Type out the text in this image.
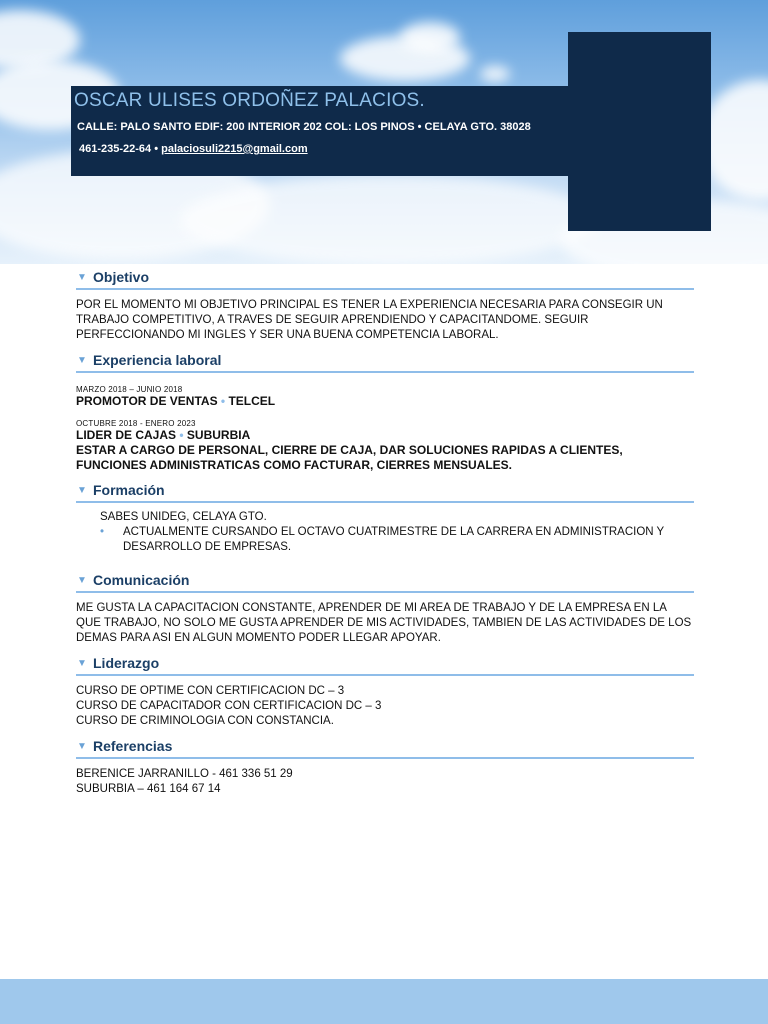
OSCAR ULISES ORDOÑEZ PALACIOS.
CALLE: PALO SANTO EDIF: 200 INTERIOR 202 COL: LOS PINOS • CELAYA GTO. 38028
461-235-22-64 • palaciosuli2215@gmail.com
▼ Objetivo
POR EL MOMENTO MI OBJETIVO PRINCIPAL ES TENER LA EXPERIENCIA NECESARIA PARA CONSEGIR UN TRABAJO COMPETITIVO, A TRAVES DE SEGUIR APRENDIENDO Y CAPACITANDOME. SEGUIR PERFECCIONANDO MI INGLES Y SER UNA BUENA COMPETENCIA LABORAL.
▼ Experiencia laboral
MARZO 2018 – JUNIO 2018
PROMOTOR DE VENTAS • TELCEL
OCTUBRE 2018 - ENERO 2023
LIDER DE CAJAS • SUBURBIA
ESTAR A CARGO DE PERSONAL, CIERRE DE CAJA, DAR SOLUCIONES RAPIDAS A CLIENTES, FUNCIONES ADMINISTRATICAS COMO FACTURAR, CIERRES MENSUALES.
▼ Formación
SABES UNIDEG, CELAYA GTO.
•	ACTUALMENTE CURSANDO EL OCTAVO CUATRIMESTRE DE LA CARRERA EN ADMINISTRACION Y DESARROLLO DE EMPRESAS.
▼ Comunicación
ME GUSTA LA CAPACITACION CONSTANTE, APRENDER DE MI AREA DE TRABAJO Y DE LA EMPRESA EN LA QUE TRABAJO, NO SOLO ME GUSTA APRENDER DE MIS ACTIVIDADES, TAMBIEN DE LAS ACTIVIDADES DE LOS DEMAS PARA ASI EN ALGUN MOMENTO PODER LLEGAR APOYAR.
▼ Liderazgo
CURSO DE OPTIME CON CERTIFICACION DC – 3
CURSO DE CAPACITADOR CON CERTIFICACION DC – 3
CURSO DE CRIMINOLOGIA CON CONSTANCIA.
▼ Referencias
BERENICE JARRANILLO - 461 336 51 29
SUBURBIA – 461 164 67 14
